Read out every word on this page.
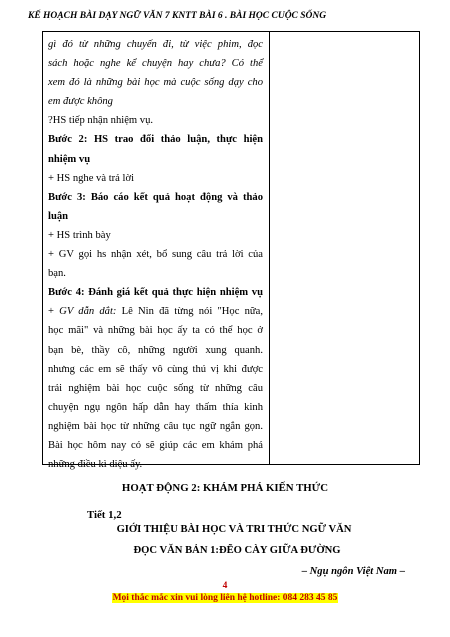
KẾ HOẠCH BÀI DẠY NGỮ VĂN 7 KNTT BÀI 6 . BÀI HỌC CUỘC SỐNG
gì đó từ những chuyến đi, từ việc phim, đọc
sách hoặc nghe kể chuyện hay chưa? Có thể
xem đó là những bài học mà cuộc sống dạy cho
em được không
?HS tiếp nhận nhiệm vụ.
Bước 2: HS trao đổi thảo luận, thực hiện
nhiệm vụ
+ HS nghe và trả lời
Bước 3: Báo cáo kết quả hoạt động và thảo
luận
+ HS trình bày
+ GV gọi hs nhận xét, bổ sung câu trả lời của
bạn.
Bước 4: Đánh giá kết quả thực hiện nhiệm vụ
+ GV dẫn dắt: Lê Nin đã từng nói "Học nữa,
học mãi" và những bài học ấy ta có thể học ở
bạn bè, thầy cô, những người xung quanh.
nhưng các em sẽ thấy vô cùng thú vị khi được
trải nghiệm bài học cuộc sống từ những câu
chuyện ngụ ngôn hấp dẫn hay thấm thía kinh
nghiệm bài học từ những câu tục ngữ ngắn gọn.
Bài học hôm nay có sẽ giúp các em khám phá
những điều kì diệu ấy.
HOẠT ĐỘNG 2: KHÁM PHÁ KIẾN THỨC
Tiết 1,2
GIỚI THIỆU BÀI HỌC VÀ TRI THỨC NGỮ VĂN
ĐỌC VĂN BẢN 1:ĐẼO CÀY GIỮA ĐƯỜNG
– Ngụ ngôn Việt Nam –
4
Mọi thắc mắc xin vui lòng liên hệ hotline: 084 283 45 85
